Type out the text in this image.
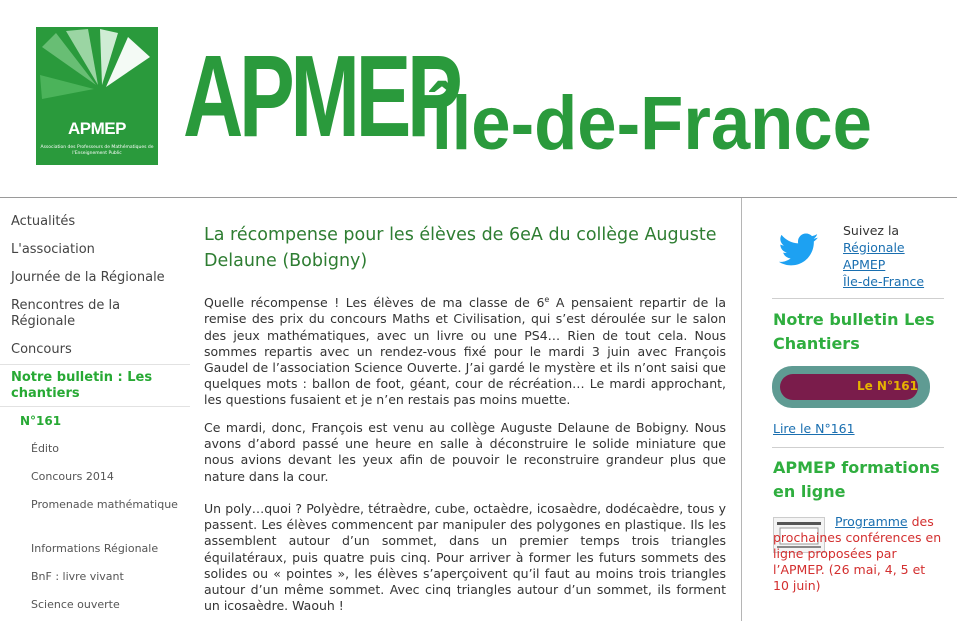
APMEP
Association des Professeurs de Mathématiques de l'Enseignement Public APMEP
Île-de-France
Actualités
L'association
Journée de la Régionale
Rencontres de la Régionale
Concours
Notre bulletin : Les chantiers
N°161
Édito
Concours 2014
Promenade mathématique
Informations Régionale
BnF : livre vivant
Science ouverte
La récompense pour les élèves de 6eA du collège Auguste Delaune (Bobigny)

Quelle récompense ! Les élèves de ma classe de 6e A pensaient repartir de la remise des prix du concours Maths et Civilisation, qui s’est déroulée sur le salon des jeux mathématiques, avec un livre ou une PS4… Rien de tout cela. Nous sommes repartis avec un rendez-vous fixé pour le mardi 3 juin avec François Gaudel de l’association Science Ouverte. J’ai gardé le mystère et ils n’ont saisi que quelques mots : ballon de foot, géant, cour de récréation… Le mardi approchant, les questions fusaient et je n’en restais pas moins muette.

Ce mardi, donc, François est venu au collège Auguste Delaune de Bobigny. Nous avons d’abord passé une heure en salle à déconstruire le solide miniature que nous avions devant les yeux afin de pouvoir le reconstruire grandeur plus que nature dans la cour.

Un poly…quoi ? Polyèdre, tétraèdre, cube, octaèdre, icosaèdre, dodécaèdre, tous y passent. Les élèves commencent par manipuler des polygones en plastique. Ils les assemblent autour d’un sommet, dans un premier temps trois triangles équilatéraux, puis quatre puis cinq. Pour arriver à former les futurs sommets des solides ou « pointes », les élèves s’aperçoivent qu’il faut au moins trois triangles autour d’un même sommet. Avec cinq triangles autour d’un sommet, ils forment un icosaèdre. Waouh !

Suivez la
Régionale
APMEP
Île-de-France
Notre bulletin Les Chantiers
Le N°161
Lire le N°161
APMEP formations en ligne
Programme des prochaines conférences en ligne proposées par l’APMEP. (26 mai, 4, 5 et 10 juin)
